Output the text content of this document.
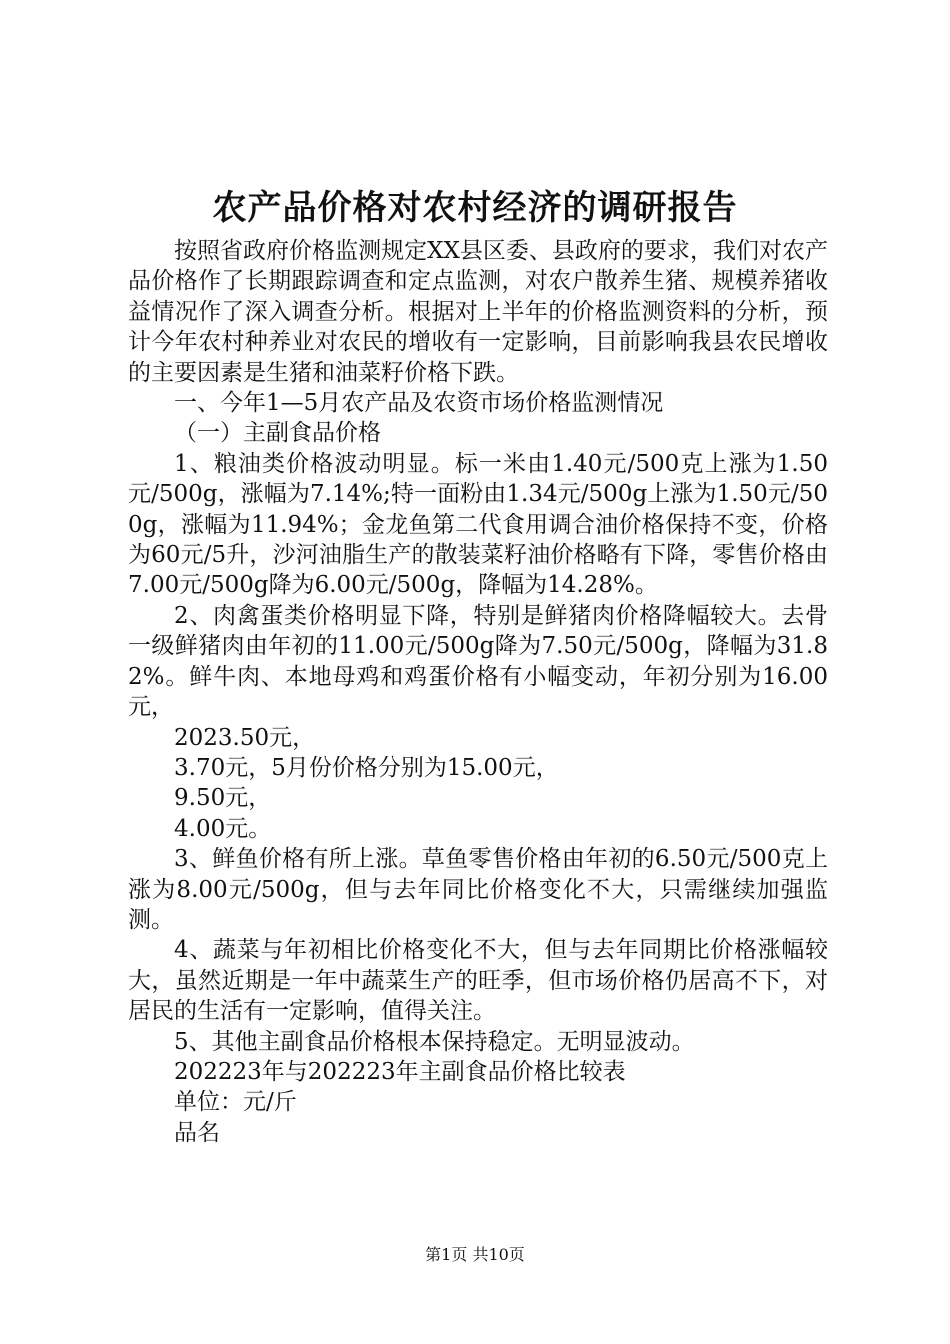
农产品价格对农村经济的调研报告

按照省政府价格监测规定XX县区委、县政府的要求，我们对农产品价格作了长期跟踪调查和定点监测，对农户散养生猪、规模养猪收益情况作了深入调查分析。根据对上半年的价格监测资料的分析，预计今年农村种养业对农民的增收有一定影响，目前影响我县农民增收的主要因素是生猪和油菜籽价格下跌。

一、今年1—5月农产品及农资市场价格监测情况

（一）主副食品价格

1、粮油类价格波动明显。标一米由1.40元/500克上涨为1.50元/500g，涨幅为7.14%;特一面粉由1.34元/500g上涨为1.50元/500g，涨幅为11.94%；金龙鱼第二代食用调合油价格保持不变，价格为60元/5升，沙河油脂生产的散装菜籽油价格略有下降，零售价格由7.00元/500g降为6.00元/500g，降幅为14.28%。

2、肉禽蛋类价格明显下降，特别是鲜猪肉价格降幅较大。去骨一级鲜猪肉由年初的11.00元/500g降为7.50元/500g，降幅为31.82%。鲜牛肉、本地母鸡和鸡蛋价格有小幅变动，年初分别为16.00元，

2023.50元，

3.70元，5月份价格分别为15.00元，

9.50元，

4.00元。

3、鲜鱼价格有所上涨。草鱼零售价格由年初的6.50元/500克上涨为8.00元/500g，但与去年同比价格变化不大，只需继续加强监测。

4、蔬菜与年初相比价格变化不大，但与去年同期比价格涨幅较大，虽然近期是一年中蔬菜生产的旺季，但市场价格仍居高不下，对居民的生活有一定影响，值得关注。

5、其他主副食品价格根本保持稳定。无明显波动。

202223年与202223年主副食品价格比较表

单位：元/斤

品名

第1页 共10页
